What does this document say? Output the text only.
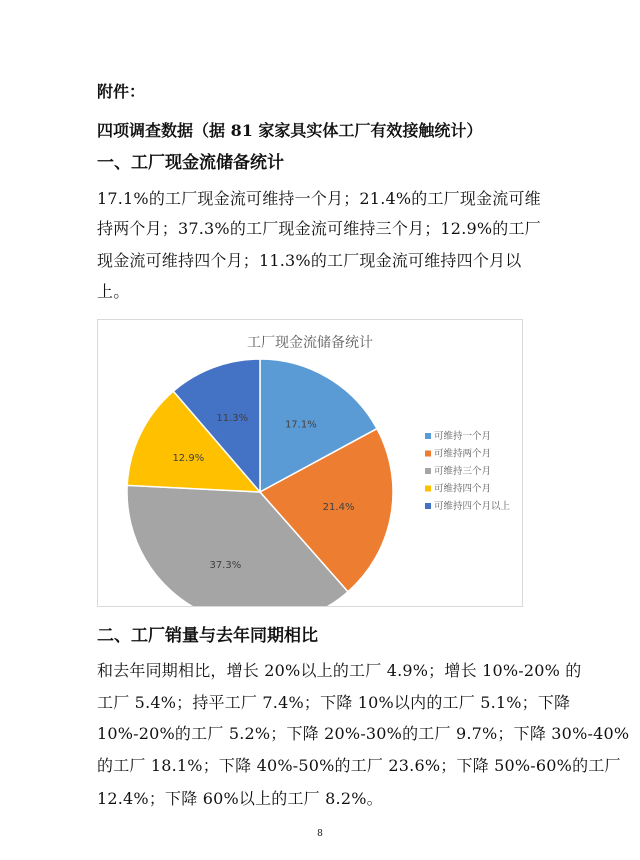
附件：
四项调查数据（据 81 家家具实体工厂有效接触统计）
一、工厂现金流储备统计
17.1%的工厂现金流可维持一个月；21.4%的工厂现金流可维
持两个月；37.3%的工厂现金流可维持三个月；12.9%的工厂
现金流可维持四个月；11.3%的工厂现金流可维持四个月以
上。
工厂现金流储备统计
17.1%
21.4%
37.3%
12.9%
11.3%
可维持一个月
可维持两个月
可维持三个月
可维持四个月
可维持四个月以上
二、工厂销量与去年同期相比
和去年同期相比，增长 20%以上的工厂 4.9%；增长 10%-20% 的
工厂 5.4%；持平工厂 7.4%；下降 10%以内的工厂 5.1%；下降
10%-20%的工厂 5.2%；下降 20%-30%的工厂 9.7%；下降 30%-40%
的工厂 18.1%；下降 40%-50%的工厂 23.6%；下降 50%-60%的工厂
12.4%；下降 60%以上的工厂 8.2%。
8
